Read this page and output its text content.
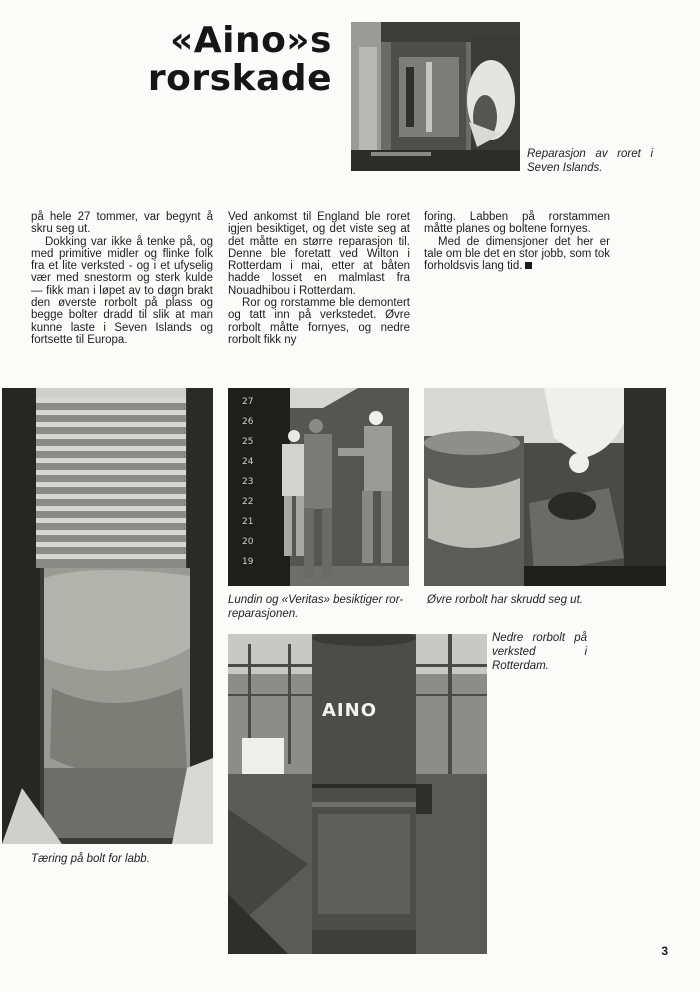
«Aino»s
rorskade
Reparasjon av roret i Seven Islands.

på hele 27 tommer, var begynt å skru seg ut.

Dokking var ikke å tenke på, og med primitive midler og flinke folk fra et lite verksted - og i et ufyselig vær med snestorm og sterk kulde — fikk man i løpet av to døgn brakt den øverste rorbolt på plass og begge bolter dradd til slik at man kunne laste i Seven Islands og fortsette til Europa.

Ved ankomst til England ble roret igjen besiktiget, og det viste seg at det måtte en større reparasjon til. Denne ble foretatt ved Wilton i Rotterdam i mai, etter at båten hadde losset en malmlast fra Nouadhibou i Rotterdam.

Ror og rorstamme ble demontert og tatt inn på verkstedet. Øvre rorbolt måtte fornyes, og nedre rorbolt fikk ny

foring. Labben på rorstammen måtte planes og boltene fornyes.

Med de dimensjoner det her er tale om ble det en stor jobb, som tok forholdsvis lang tid.

Tæring på bolt for labb.
27
26
25
24
23
22
21
20
19
Lundin og «Veritas» besiktiger ror-reparasjonen.
Øvre rorbolt har skrudd seg ut.
AINO
Nedre rorbolt på verksted i Rotterdam.
3
